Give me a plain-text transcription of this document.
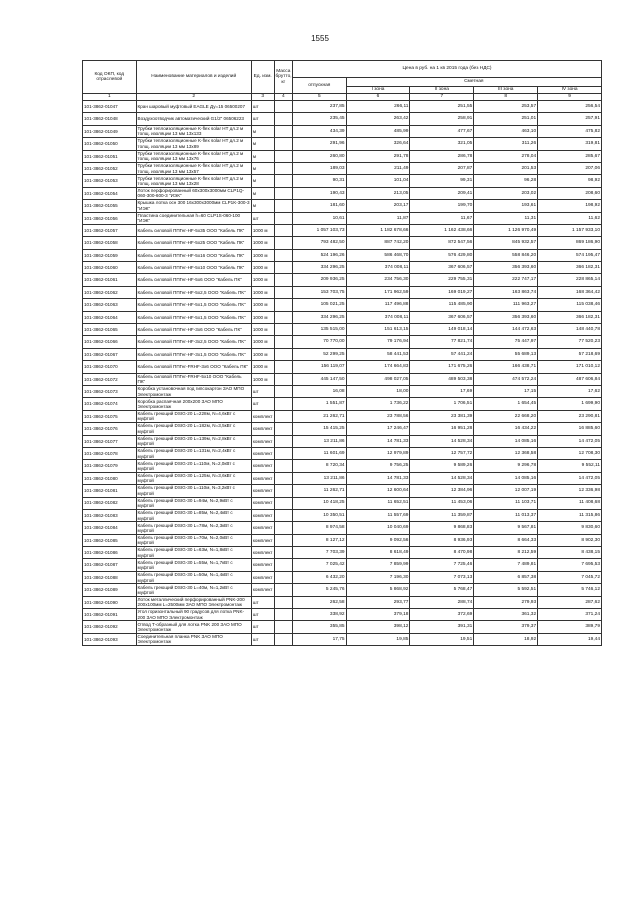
1555
Код ОКП, код отраслевой	Наименование материалов и изделий	Ед. изм.	Масса брутто, кг	Цена в руб. на 1 кв 2015 года (без НДС)				
				отпускная	Сметная			
					I зона	II зона	III зона	IV зона
1	2	3	4	5	6	7	8	9
101-3862-01047	Кран шаровый муфтовый EAGLE Ду=15 06500207	шт		237,85	266,11	251,55	253,57	256,54
101-3862-01048	Воздухоотводчик автоматический G1/2" 06506223	шт		235,45	263,42	258,91	251,01	257,91
101-3862-01049	Трубки теплоизоляционные K-flex solar HT дл.2 м толщ. изоляции 13 мм 13х133	м		434,39	485,99	477,67	463,10	475,82
101-3862-01050	Трубки теплоизоляционные K-flex solar HT дл.2 м толщ. изоляции 13 мм 13х89	м		291,96	326,64	321,05	311,26	319,81
101-3862-01051	Трубки теплоизоляционные K-flex solar HT дл.2 м толщ. изоляции 13 мм 13х76	м		260,80	291,78	286,78	278,04	285,67
101-3862-01052	Трубки теплоизоляционные K-flex solar HT дл.2 м толщ. изоляции 13 мм 13х57	м		189,03	211,49	207,87	201,53	207,06
101-3862-01053	Трубки теплоизоляционные K-flex solar HT дл.2 м толщ. изоляции 13 мм 13х28	м		90,31	101,04	99,31	96,28	98,92
101-3862-01054	Лоток перфорированный 60х300х3000мм CLP1Q-060-300-600-3 "ИЭК"	м		190,43	213,05	209,41	203,02	208,60
101-3862-01055	Крышка лотка осн 300 16х300х3000мм CLP1K-300-3 "ИЭК"	м		181,60	203,17	199,70	193,61	198,92
101-3862-01056	Пластина соединительная h=60 CLP1S-060-100 "ИЭК"	шт		10,61	11,87	11,67	11,31	11,62
101-3862-01057	Кабель силовой ППГнг-HF-5х35 ООО "Кабель ПК"	1000 м		1 057 103,73	1 182 678,66	1 162 438,66	1 126 970,49	1 157 933,10
101-3862-01058	Кабель силовой ППГнг-HF-5х25 ООО "Кабель ПК"	1000 м		793 482,50	887 742,20	872 547,56	845 932,57	869 186,90
101-3862-01059	Кабель силовой ППГнг-HF-5х16 ООО "Кабель ПК"	1000 м		524 196,26	586 468,70	576 429,80	558 846,20	574 195,47
101-3862-01060	Кабель силовой ППГнг-HF-5х10 ООО "Кабель ПК"	1000 м		334 296,25	374 008,11	367 606,57	356 393,60	366 182,31
101-3862-01061	Кабель силовой ППГнг-HF-5х6 ООО "Кабель ПК"	1000 м		209 936,25	234 756,30	229 755,31	222 747,17	228 865,14
101-3862-01062	Кабель силовой ППГнг-HF-5х2,5 ООО "Кабель ПК"	1000 м		153 703,75	171 962,59	169 019,27	163 863,74	168 364,42
101-3862-01063	Кабель силовой ППГнг-HF-5х1,5 ООО "Кабель ПК"	1000 м		105 021,25	117 496,88	115 485,90	111 963,27	115 038,46
101-3862-01064	Кабель силовой ППГнг-HF-5х1,5 ООО "Кабель ПК"	1000 м		334 296,25	374 008,11	367 606,57	356 393,60	366 182,31
101-3862-01065	Кабель силовой ППГнг-HF-3х6 ООО "Кабель ПК"	1000 м		135 515,00	151 613,15	149 018,14	144 472,63	148 440,78
101-3862-01066	Кабель силовой ППГнг-HF-3х2,5 ООО "Кабель ПК"	1000 м		70 770,00	79 176,94	77 821,74	75 447,97	77 520,23
101-3862-01067	Кабель силовой ППГнг-HF-3х1,5 ООО "Кабель ПК"	1000 м		52 299,25	58 441,53	57 441,24	55 689,13	57 218,69
101-3862-01070	Кабель силовой ППГнг-FRHF-3х6 ООО "Кабель ПК"	1000 м		156 119,07	174 664,83	171 675,26	166 438,71	171 010,12
101-3862-01072	Кабель силовой ППГнг-FRHF-5х10 ООО "Кабель ПК"	1000 м		445 147,50	498 027,05	489 503,38	474 572,24	487 606,84
101-3862-01073	Коробка установочная под гипсокартон ЗАО МПО Электромонтаж	шт		16,08	18,00	17,69	17,15	17,62
101-3862-01074	Коробка распаячная 200х200 ЗАО МПО Электромонтаж	шт		1 551,87	1 736,22	1 706,51	1 654,45	1 699,90
101-3862-01075	Кабель греющий DSIG-20 L=228м, N=4,6кВт с муфтой	комплект		21 262,71	23 788,56	23 381,39	22 668,20	23 290,81
101-3862-01076	Кабель греющий DSIG-20 L=182м, N=3,5кВт с муфтой	комплект		15 415,25	17 246,47	16 951,28	16 434,22	16 885,60
101-3862-01077	Кабель греющий DSIG-20 L=139м, N=2,8кВт с муфтой	комплект		13 211,86	14 781,33	14 528,34	14 085,16	14 472,05
101-3862-01078	Кабель греющий DSIG-20 L=131м, N=2,4кВт с муфтой	комплект		11 601,69	12 979,89	12 757,72	12 368,58	12 708,30
101-3862-01079	Кабель греющий DSIG-20 L=110м, N=2,0кВт с муфтой	комплект		8 720,34	9 756,25	9 589,26	9 296,78	9 552,11
101-3862-01080	Кабель греющий DSIG-30 L=125м, N=3,6кВт с муфтой	комплект		13 211,86	14 781,33	14 528,34	14 085,16	14 472,05
101-3862-01081	Кабель греющий DSIG-30 L=110м, N=3,2кВт с муфтой	комплект		11 262,71	12 600,64	12 384,96	12 007,19	12 336,98
101-3862-01082	Кабель греющий DSIG-30 L=94м, N=2,9кВт с муфтой	комплект		10 418,25	11 652,51	11 453,06	11 103,71	11 408,68
101-3862-01083	Кабель греющий DSIG-30 L=85м, N=2,4кВт с муфтой	комплект		10 350,51	11 557,69	11 359,87	11 013,37	11 315,86
101-3862-01084	Кабель греющий DSIG-30 L=78м, N=2,3кВт с муфтой	комплект		8 974,58	10 040,69	9 868,83	9 567,81	9 830,60
101-3862-01085	Кабель греющий DSIG-30 L=70м, N=2,0кВт с муфтой	комплект		8 127,12	9 092,56	8 936,93	8 664,33	8 902,30
101-3862-01086	Кабель греющий DSIG-30 L=63м, N=1,8кВт с муфтой	комплект		7 703,39	8 618,49	8 470,98	8 212,59	8 438,15
101-3862-01087	Кабель греющий DSIG-30 L=55м, N=1,7кВт с муфтой	комплект		7 025,42	7 859,99	7 725,46	7 489,81	7 695,53
101-3862-01088	Кабель греющий DSIG-30 L=50м, N=1,4кВт с муфтой	комплект		6 432,20	7 196,30	7 073,13	6 857,38	7 045,72
101-3862-01089	Кабель греющий DSIG-30 L=40м, N=1,2кВт с муфтой	комплект		5 245,76	5 868,92	5 768,47	5 592,51	5 746,12
101-3862-01090	Лоток металлический перфорированный PNK-200 200х100мм L=2500мм ЗАО МПО Электромонтаж	шт		262,58	293,77	288,74	279,93	287,62
101-3862-01091	Угол горизонтальный 90 градусов для лотка PNK-200 ЗАО МПО Электромонтаж	шт		338,92	379,18	372,69	361,32	371,24
101-3862-01092	Отвод Т-образный для лотка PNK 200 ЗАО МПО Электромонтаж	шт		355,85	398,12	391,31	379,37	389,79
101-3862-01093	Соединительная планка PNK ЗАО МПО Электромонтаж	шт		17,75	19,85	19,51	18,92	19,44
